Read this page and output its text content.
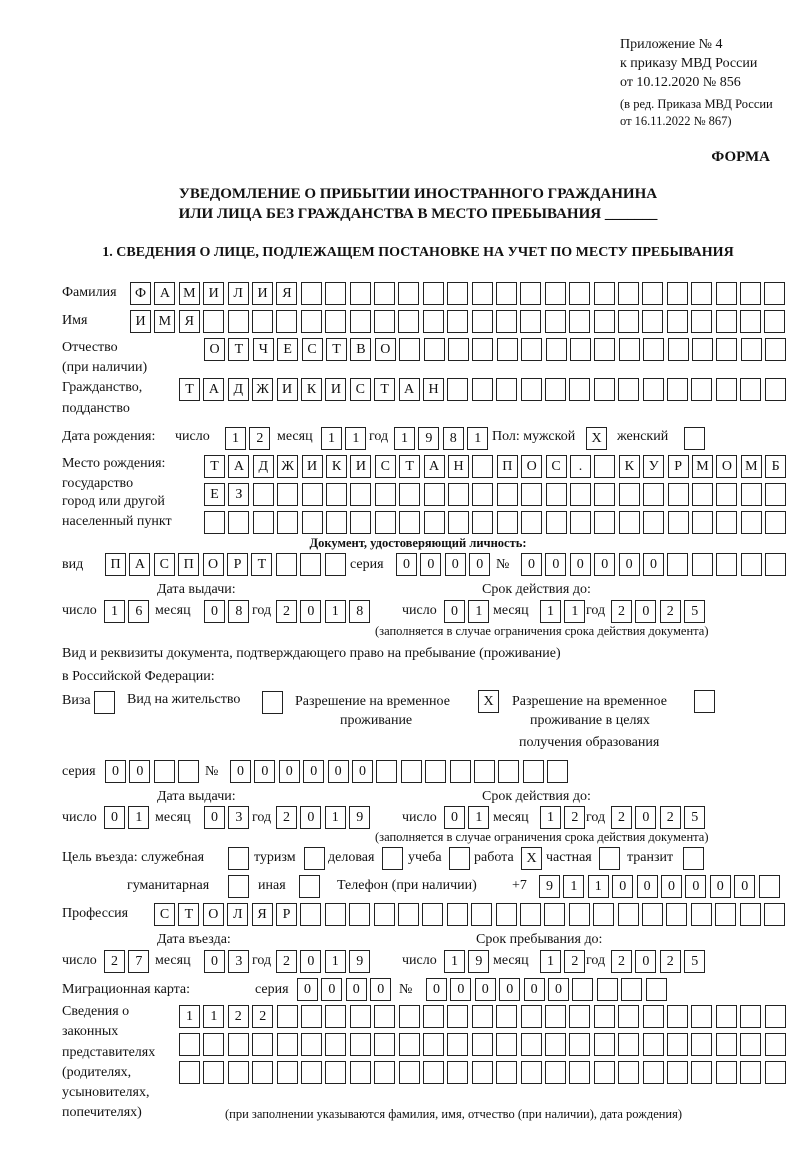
Приложение № 4
к приказу МВД России
от 10.12.2020 № 856
(в ред. Приказа МВД России
от 16.11.2022 № 867)
ФОРМА
УВЕДОМЛЕНИЕ О ПРИБЫТИИ ИНОСТРАННОГО ГРАЖДАНИНА
ИЛИ ЛИЦА БЕЗ ГРАЖДАНСТВА В МЕСТО ПРЕБЫВАНИЯ _______
1. СВЕДЕНИЯ О ЛИЦЕ, ПОДЛЕЖАЩЕМ ПОСТАНОВКЕ НА УЧЕТ ПО МЕСТУ ПРЕБЫВАНИЯ
Фамилия	Ф А М И	Л	И	Я
Имя	И М Я
Отчество
(при наличии)
О	Т	Ч	Е	С	Т	В	О
Гражданство,
подданство
Т	А	Д Ж И	К	И	С	Т	А	Н
Дата рождения: число	1	2 месяц	1	1 год 1	9	8	1 Пол: мужской	X	женский
Место рождения:
государство
город или другой
населенный пункт
Т	А	Д Ж И	К	И	С	Т	А	Н	П	О	С	.	К	У	Р	М О М	Б
Е	З
Документ, удостоверяющий личность:
вид	П	А	С	П	О	Р	Т	серия	0	0	0	0 №	0	0	0	0	0	0
Дата выдачи:	Срок действия до:
число	1	6 месяц	0	8 год 2	0	1	8	число	0	1 месяц	1	1 год 2	0	2	5
(заполняется в случае ограничения срока действия документа)
Вид и реквизиты документа, подтверждающего право на пребывание (проживание)
в Российской Федерации:
Виза	Вид на жительство	Разрешение на временное
проживание
X	Разрешение на временное
проживание в целях
получения образования
серия	0	0	№	0	0	0	0	0	0
Дата выдачи:	Срок действия до:
число	0	1 месяц	0	3 год 2	0	1	9	число	0	1 месяц	1	2 год 2	0	2	5
(заполняется в случае ограничения срока действия документа)
Цель въезда: служебная	туризм деловая учеба работа X частная	транзит
гуманитарная	иная	Телефон (при наличии)	+7	9	1	1	0	0	0	0	0	0
Профессия	С	Т	О	Л	Я	Р
Дата въезда:	Срок пребывания до:
число	2	7 месяц	0	3 год 2	0	1	9	число	1	9 месяц	1	2 год 2	0	2	5
Миграционная карта:	серия	0	0	0	0	№	0	0	0	0	0	0
Сведения о
законных
представителях
(родителях,
усыновителях,
попечителях)
1	1	2	2
(при заполнении указываются фамилия, имя, отчество (при наличии), дата рождения)
